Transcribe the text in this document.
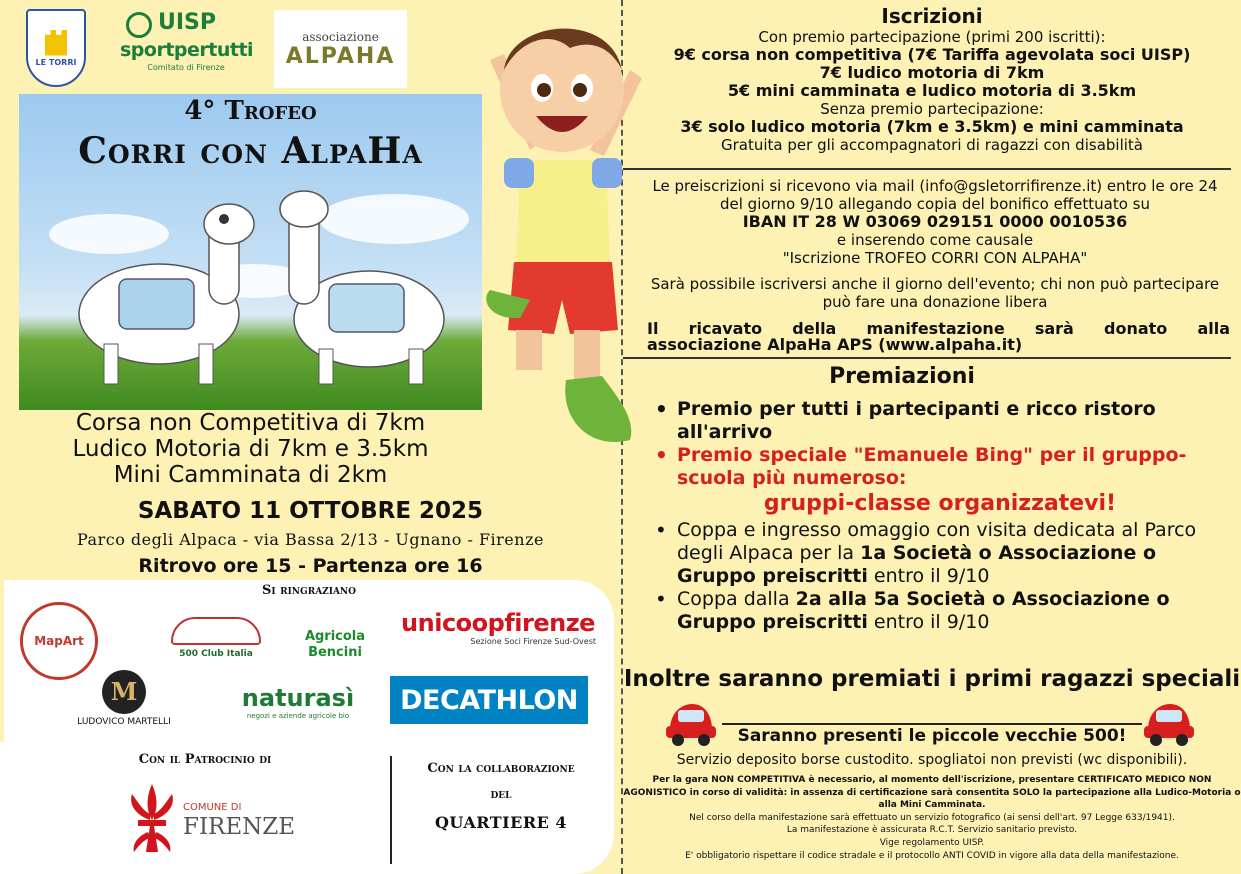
LE TORRI
UISP
sportpertutti
Comitato di Firenze
associazione
ALPAHA
4° Trofeo
Corri con AlpaHa
Corsa non Competitiva di 7km
Ludico Motoria di 7km e 3.5km
Mini Camminata di 2km
SABATO 11 OTTOBRE 2025
Parco degli Alpaca - via Bassa 2/13 - Ugnano - Firenze
Ritrovo ore 15 - Partenza ore 16
Si ringraziano
MapArt
500 Club Italia
Agricola
Bencini
unicoopfirenze
Sezione Soci Firenze Sud-Ovest
M
LUDOVICO MARTELLI
naturasì
negozi e aziende agricole bio
DECATHLON
Con il Patrocinio di
COMUNE DI
FIRENZE
Con la collaborazione
del
QUARTIERE 4
Iscrizioni
Con premio partecipazione (primi 200 iscritti):
9€ corsa non competitiva (7€ Tariffa agevolata soci UISP)
7€ ludico motoria di 7km
5€ mini camminata e ludico motoria di 3.5km
Senza premio partecipazione:
3€ solo ludico motoria (7km e 3.5km) e mini camminata
Gratuita per gli accompagnatori di ragazzi con disabilità

Le preiscrizioni si ricevono via mail (info@gsletorrifirenze.it) entro le ore 24 del giorno 9/10 allegando copia del bonifico effettuato su

IBAN IT 28 W 03069 029151 0000 0010536

e inserendo come causale

"Iscrizione TROFEO CORRI CON ALPAHA"

Sarà possibile iscriversi anche il giorno dell'evento; chi non può partecipare può fare una donazione libera

Il ricavato della manifestazione sarà donato alla
associazione AlpaHa APS (www.alpaha.it)
Premiazioni
• Premio per tutti i partecipanti e ricco ristoro all'arrivo
• Premio speciale "Emanuele Bing" per il gruppo-scuola più numeroso:
gruppi-classe organizzatevi!
• Coppa e ingresso omaggio con visita dedicata al Parco degli Alpaca per la 1a Società o Associazione o Gruppo preiscritti entro il 9/10
• Coppa dalla 2a alla 5a Società o Associazione o Gruppo preiscritti entro il 9/10
Inoltre saranno premiati i primi ragazzi speciali
Saranno presenti le piccole vecchie 500!
Servizio deposito borse custodito. spogliatoi non previsti (wc disponibili).
Per la gara NON COMPETITIVA è necessario, al momento dell'iscrizione, presentare CERTIFICATO MEDICO NON AGONISTICO in corso di validità: in assenza di certificazione sarà consentita SOLO la partecipazione alla Ludico-Motoria o alla Mini Camminata.
Nel corso della manifestazione sarà effettuato un servizio fotografico (ai sensi dell'art. 97 Legge 633/1941).
La manifestazione è assicurata R.C.T. Servizio sanitario previsto.
Vige regolamento UISP.
E' obbligatorio rispettare il codice stradale e il protocollo ANTI COVID in vigore alla data della manifestazione.
